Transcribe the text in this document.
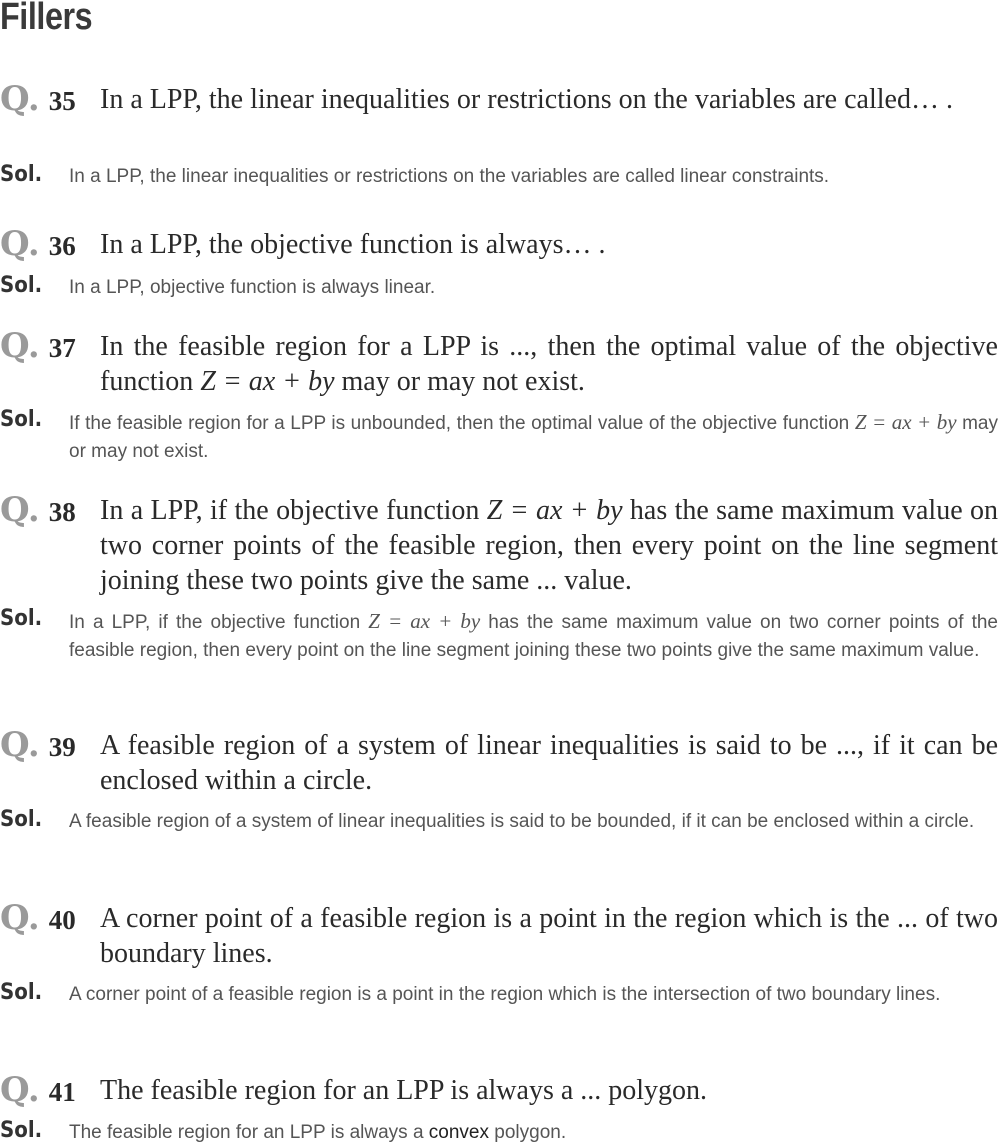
Fillers
Q. 35 In a LPP, the linear inequalities or restrictions on the variables are called… .
Sol. In a LPP, the linear inequalities or restrictions on the variables are called linear constraints.
Q. 36 In a LPP, the objective function is always… .
Sol. In a LPP, objective function is always linear.
Q. 37 In the feasible region for a LPP is ..., then the optimal value of the objective function Z = ax + by may or may not exist.
Sol. If the feasible region for a LPP is unbounded, then the optimal value of the objective function Z = ax + by may or may not exist.
Q. 38 In a LPP, if the objective function Z = ax + by has the same maximum value on two corner points of the feasible region, then every point on the line segment joining these two points give the same ... value.
Sol. In a LPP, if the objective function Z = ax + by has the same maximum value on two corner points of the feasible region, then every point on the line segment joining these two points give the same maximum value.
Q. 39 A feasible region of a system of linear inequalities is said to be ..., if it can be enclosed within a circle.
Sol. A feasible region of a system of linear inequalities is said to be bounded, if it can be enclosed within a circle.
Q. 40 A corner point of a feasible region is a point in the region which is the ... of two boundary lines.
Sol. A corner point of a feasible region is a point in the region which is the intersection of two boundary lines.
Q. 41 The feasible region for an LPP is always a ... polygon.
Sol. The feasible region for an LPP is always a convex polygon.
